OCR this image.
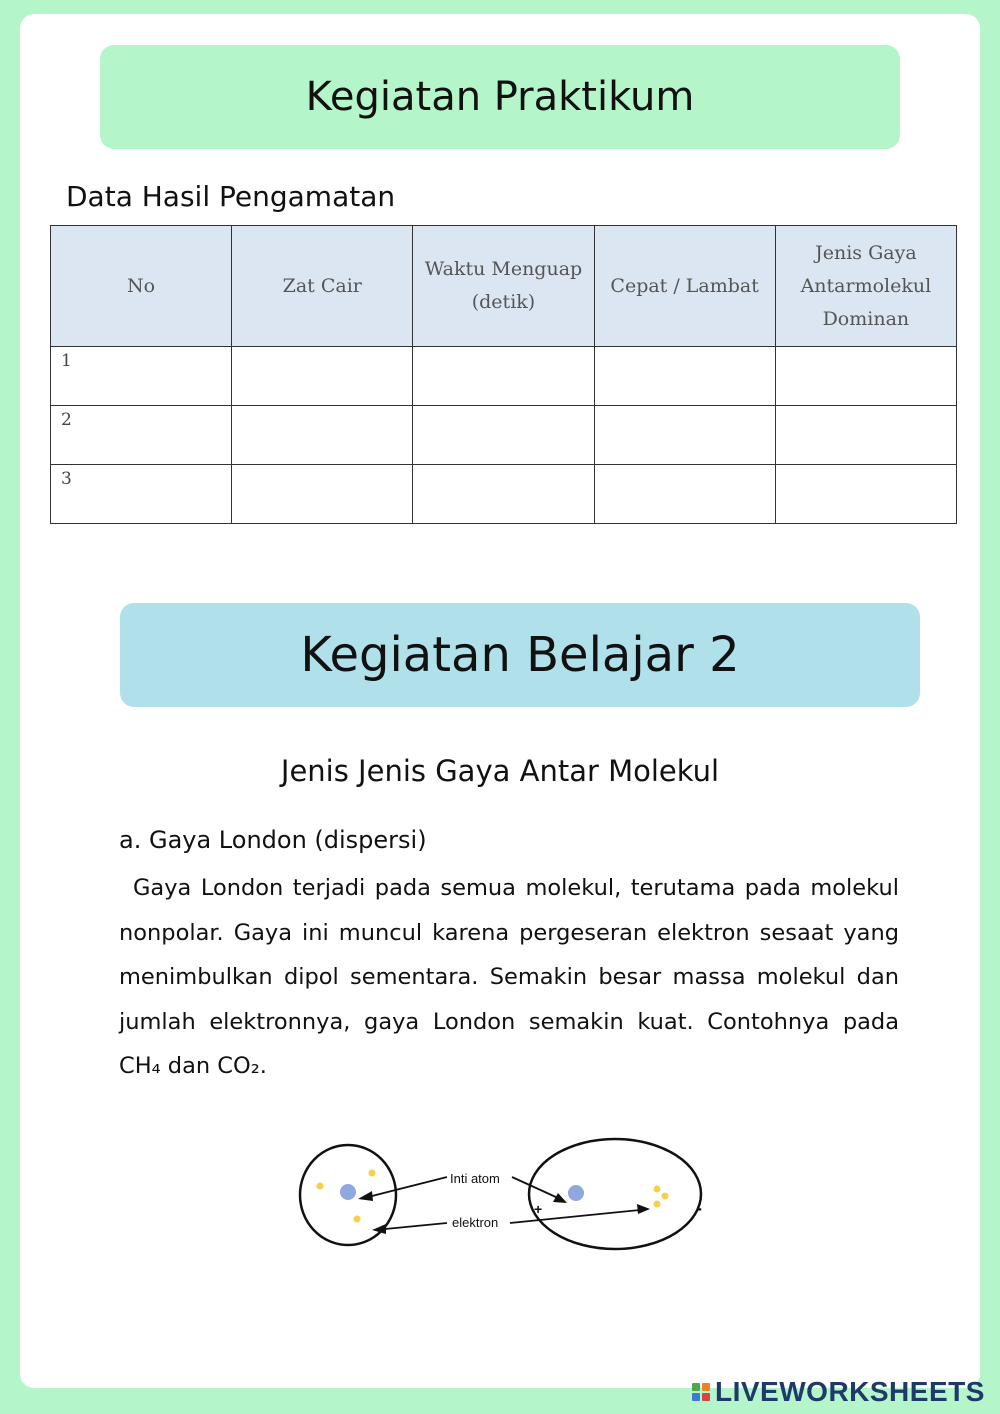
Kegiatan Praktikum
Data Hasil Pengamatan
No	Zat Cair	Waktu Menguap (detik)	Cepat / Lambat	Jenis Gaya Antarmolekul Dominan
1				
2				
3				
Kegiatan Belajar 2
Jenis Jenis Gaya Antar Molekul
a. Gaya London (dispersi)
Gaya London terjadi pada semua molekul, terutama pada molekul nonpolar. Gaya ini muncul karena pergeseran elektron sesaat yang menimbulkan dipol sementara. Semakin besar massa molekul dan jumlah elektronnya, gaya London semakin kuat. Contohnya pada CH₄ dan CO₂.
Inti atom
elektron
+	-
LIVEWORKSHEETS
